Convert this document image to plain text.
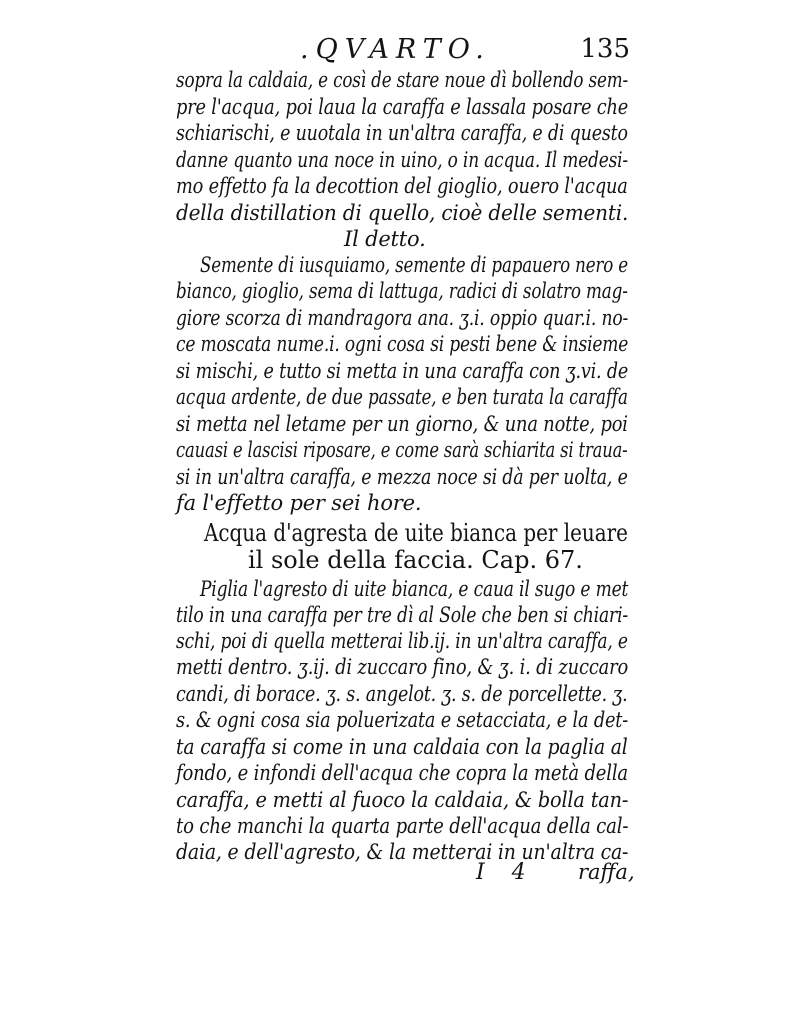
.QVARTO.	135
sopra la caldaia, e così de stare noue dì bollendo sem-
pre l'acqua, poi laua la caraffa e lassala posare che
schiarischi, e uuotala in un'altra caraffa, e di questo
danne quanto una noce in uino, o in acqua. Il medesi-
mo effetto fa la decottion del gioglio, ouero l'acqua
della distillation di quello, cioè delle sementi.
Il detto.
Semente di iusquiamo, semente di papauero nero e
bianco, gioglio, sema di lattuga, radici di solatro mag-
giore scorza di mandragora ana. ʒ.i. oppio quar.i. no-
ce moscata nume.i. ogni cosa si pesti bene & insieme
si mischi, e tutto si metta in una caraffa con ʒ.vi. de
acqua ardente, de due passate, e ben turata la caraffa
si metta nel letame per un giorno, & una notte, poi
cauasi e lascisi riposare, e come sarà schiarita si traua-
si in un'altra caraffa, e mezza noce si dà per uolta, e
fa l'effetto per sei hore.
Acqua d'agresta de uite bianca per leuare
il sole della faccia. Cap. 67.
Piglia l'agresto di uite bianca, e caua il sugo e met
tilo in una caraffa per tre dì al Sole che ben si chiari-
schi, poi di quella metterai lib.ij. in un'altra caraffa, e
metti dentro. ʒ.ij. di zuccaro fino, & ʒ. i. di zuccaro
candi, di borace. ʒ. s. angelot. ʒ. s. de porcellette. ʒ.
s. & ogni cosa sia poluerizata e setacciata, e la det-
ta caraffa si come in una caldaia con la paglia al
fondo, e infondi dell'acqua che copra la metà della
caraffa, e metti al fuoco la caldaia, & bolla tan-
to che manchi la quarta parte dell'acqua della cal-
daia, e dell'agresto, & la metterai in un'altra ca-
I 4 raffa,
